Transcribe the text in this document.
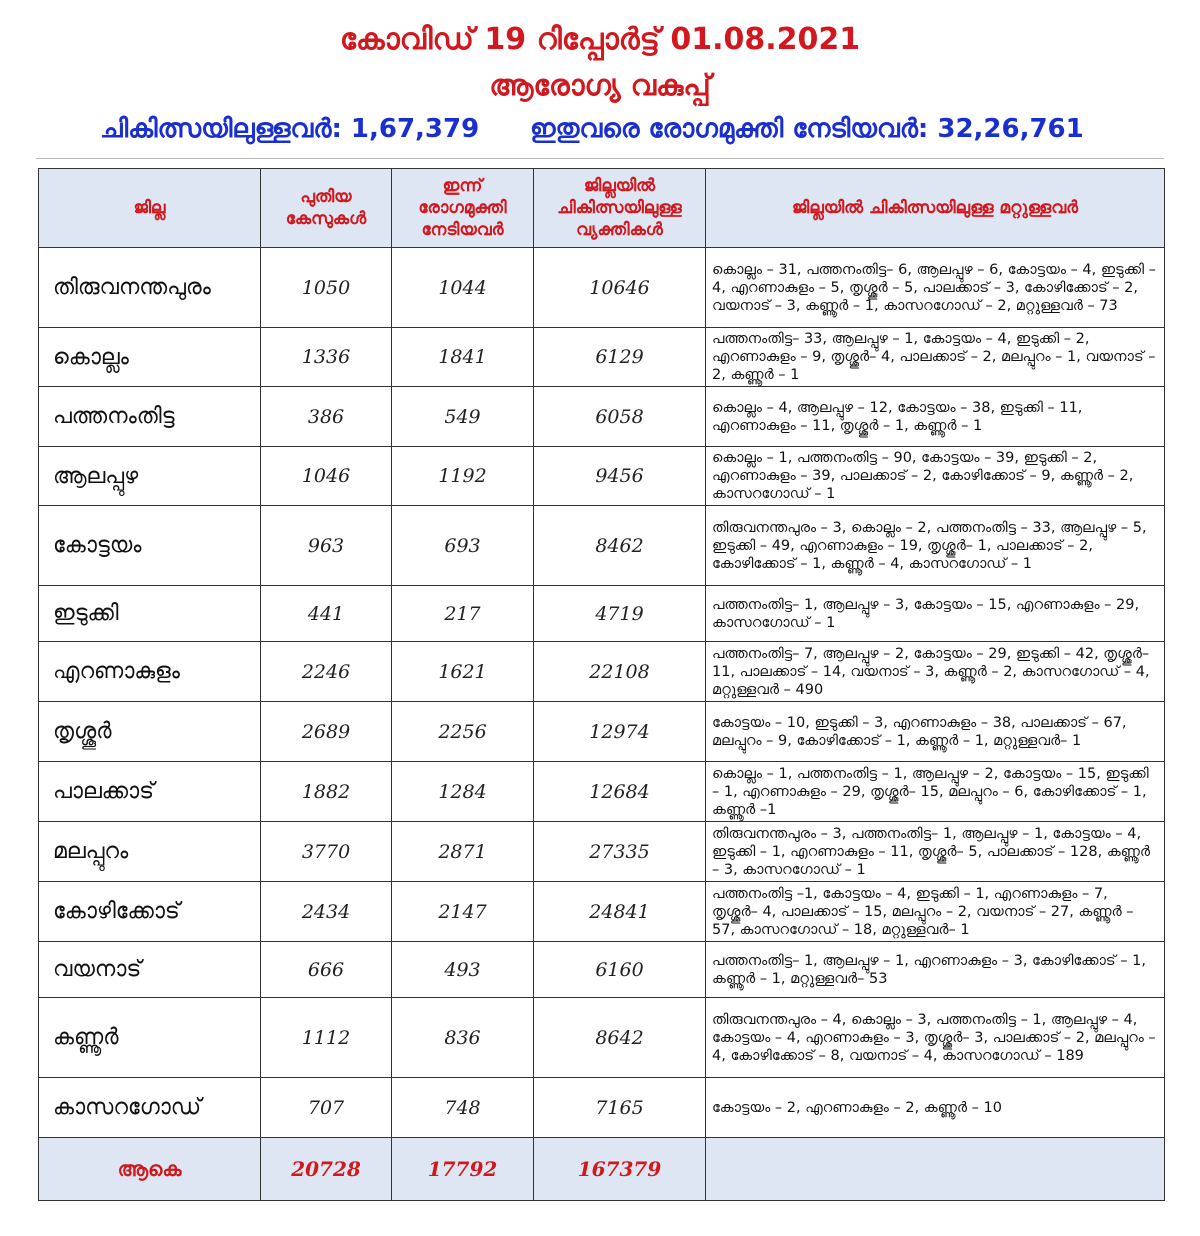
കോവിഡ് 19 റിപ്പോർട്ട് 01.08.2021
ആരോഗ്യ വകുപ്പ്
ചികിത്സയിലുള്ളവർ: 1,67,379 ഇതുവരെ രോഗമുക്തി നേടിയവർ: 32,26,761
ജില്ല	പുതിയ കേസുകൾ	ഇന്ന് രോഗമുക്തി നേടിയവർ	ജില്ലയിൽ ചികിത്സയിലുള്ള വ്യക്തികൾ	ജില്ലയിൽ ചികിത്സയിലുള്ള മറ്റുള്ളവർ
തിരുവനന്തപുരം	1050	1044	10646	കൊല്ലം – 31, പത്തനംതിട്ട– 6, ആലപ്പുഴ – 6, കോട്ടയം – 4, ഇടുക്കി – 4, എറണാകുളം – 5, തൃശ്ശൂർ – 5, പാലക്കാട് – 3, കോഴിക്കോട് – 2, വയനാട് – 3, കണ്ണൂർ – 1, കാസറഗോഡ് – 2, മറ്റുള്ളവർ – 73
കൊല്ലം	1336	1841	6129	പത്തനംതിട്ട– 33, ആലപ്പുഴ – 1, കോട്ടയം – 4, ഇടുക്കി – 2, എറണാകുളം – 9, തൃശ്ശൂർ– 4, പാലക്കാട് – 2, മലപ്പുറം – 1, വയനാട് – 2, കണ്ണൂർ – 1
പത്തനംതിട്ട	386	549	6058	കൊല്ലം – 4, ആലപ്പുഴ – 12, കോട്ടയം – 38, ഇടുക്കി – 11, എറണാകുളം – 11, തൃശ്ശൂർ – 1, കണ്ണൂർ – 1
ആലപ്പുഴ	1046	1192	9456	കൊല്ലം – 1, പത്തനംതിട്ട – 90, കോട്ടയം – 39, ഇടുക്കി – 2, എറണാകുളം – 39, പാലക്കാട് – 2, കോഴിക്കോട് – 9, കണ്ണൂർ – 2, കാസറഗോഡ് – 1
കോട്ടയം	963	693	8462	തിരുവനന്തപുരം – 3, കൊല്ലം – 2, പത്തനംതിട്ട – 33, ആലപ്പുഴ – 5, ഇടുക്കി – 49, എറണാകുളം – 19, തൃശ്ശൂർ– 1, പാലക്കാട് – 2, കോഴിക്കോട് – 1, കണ്ണൂർ – 4, കാസറഗോഡ് – 1
ഇടുക്കി	441	217	4719	പത്തനംതിട്ട– 1, ആലപ്പുഴ – 3, കോട്ടയം – 15, എറണാകുളം – 29, കാസറഗോഡ് – 1
എറണാകുളം	2246	1621	22108	പത്തനംതിട്ട– 7, ആലപ്പുഴ – 2, കോട്ടയം – 29, ഇടുക്കി – 42, തൃശ്ശൂർ– 11, പാലക്കാട് – 14, വയനാട് – 3, കണ്ണൂർ – 2, കാസറഗോഡ് – 4, മറ്റുള്ളവർ – 490
തൃശ്ശൂർ	2689	2256	12974	കോട്ടയം – 10, ഇടുക്കി – 3, എറണാകുളം – 38, പാലക്കാട് – 67, മലപ്പുറം – 9, കോഴിക്കോട് – 1, കണ്ണൂർ – 1, മറ്റുള്ളവർ– 1
പാലക്കാട്	1882	1284	12684	കൊല്ലം – 1, പത്തനംതിട്ട – 1, ആലപ്പുഴ – 2, കോട്ടയം – 15, ഇടുക്കി – 1, എറണാകുളം – 29, തൃശ്ശൂർ– 15, മലപ്പുറം – 6, കോഴിക്കോട് – 1, കണ്ണൂർ –1
മലപ്പുറം	3770	2871	27335	തിരുവനന്തപുരം – 3, പത്തനംതിട്ട– 1, ആലപ്പുഴ – 1, കോട്ടയം – 4, ഇടുക്കി – 1, എറണാകുളം – 11, തൃശ്ശൂർ– 5, പാലക്കാട് – 128, കണ്ണൂർ – 3, കാസറഗോഡ് – 1
കോഴിക്കോട്	2434	2147	24841	പത്തനംതിട്ട –1, കോട്ടയം – 4, ഇടുക്കി – 1, എറണാകുളം – 7, തൃശ്ശൂർ– 4, പാലക്കാട് – 15, മലപ്പുറം – 2, വയനാട് – 27, കണ്ണൂർ – 57, കാസറഗോഡ് – 18, മറ്റുള്ളവർ– 1
വയനാട്	666	493	6160	പത്തനംതിട്ട– 1, ആലപ്പുഴ – 1, എറണാകുളം – 3, കോഴിക്കോട് – 1, കണ്ണൂർ – 1, മറ്റുള്ളവർ– 53
കണ്ണൂർ	1112	836	8642	തിരുവനന്തപുരം – 4, കൊല്ലം – 3, പത്തനംതിട്ട – 1, ആലപ്പുഴ – 4, കോട്ടയം – 4, എറണാകുളം – 3, തൃശ്ശൂർ– 3, പാലക്കാട് – 2, മലപ്പുറം – 4, കോഴിക്കോട് – 8, വയനാട് – 4, കാസറഗോഡ് – 189
കാസറഗോഡ്	707	748	7165	കോട്ടയം – 2, എറണാകുളം – 2, കണ്ണൂർ – 10
ആകെ	20728	17792	167379	
